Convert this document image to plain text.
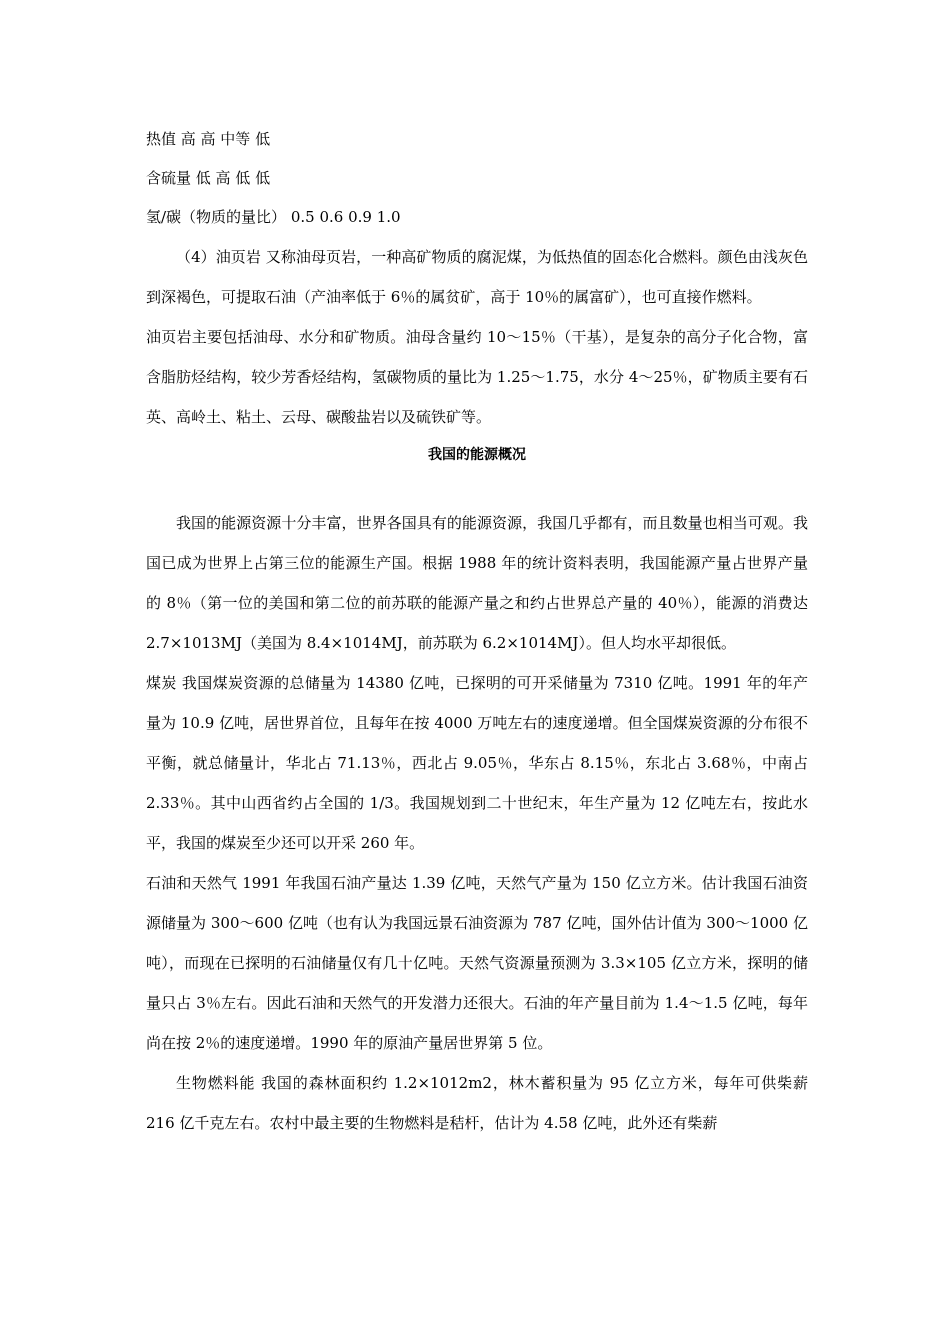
热值 高 高 中等 低
含硫量 低 高 低 低
氢/碳（物质的量比） 0.5 0.6 0.9 1.0

（4）油页岩 又称油母页岩，一种高矿物质的腐泥煤，为低热值的固态化合燃料。颜色由浅灰色到深褐色，可提取石油（产油率低于 6％的属贫矿，高于 10％的属富矿），也可直接作燃料。

油页岩主要包括油母、水分和矿物质。油母含量约 10～15％（干基），是复杂的高分子化合物，富含脂肪烃结构，较少芳香烃结构，氢碳物质的量比为 1.25～1.75，水分 4～25％，矿物质主要有石英、高岭土、粘土、云母、碳酸盐岩以及硫铁矿等。

我国的能源概况

我国的能源资源十分丰富，世界各国具有的能源资源，我国几乎都有，而且数量也相当可观。我国已成为世界上占第三位的能源生产国。根据 1988 年的统计资料表明，我国能源产量占世界产量的 8％（第一位的美国和第二位的前苏联的能源产量之和约占世界总产量的 40％），能源的消费达 2.7×1013MJ（美国为 8.4×1014MJ，前苏联为 6.2×1014MJ）。但人均水平却很低。

煤炭 我国煤炭资源的总储量为 14380 亿吨，已探明的可开采储量为 7310 亿吨。1991 年的年产量为 10.9 亿吨，居世界首位，且每年在按 4000 万吨左右的速度递增。但全国煤炭资源的分布很不平衡，就总储量计，华北占 71.13％，西北占 9.05％，华东占 8.15％，东北占 3.68％，中南占 2.33％。其中山西省约占全国的 1/3。我国规划到二十世纪末，年生产量为 12 亿吨左右，按此水平，我国的煤炭至少还可以开采 260 年。

石油和天然气 1991 年我国石油产量达 1.39 亿吨，天然气产量为 150 亿立方米。估计我国石油资源储量为 300～600 亿吨（也有认为我国远景石油资源为 787 亿吨，国外估计值为 300～1000 亿吨），而现在已探明的石油储量仅有几十亿吨。天然气资源量预测为 3.3×105 亿立方米，探明的储量只占 3％左右。因此石油和天然气的开发潜力还很大。石油的年产量目前为 1.4～1.5 亿吨，每年尚在按 2％的速度递增。1990 年的原油产量居世界第 5 位。

生物燃料能 我国的森林面积约 1.2×1012m2，林木蓄积量为 95 亿立方米，每年可供柴薪 216 亿千克左右。农村中最主要的生物燃料是秸杆，估计为 4.58 亿吨，此外还有柴薪
